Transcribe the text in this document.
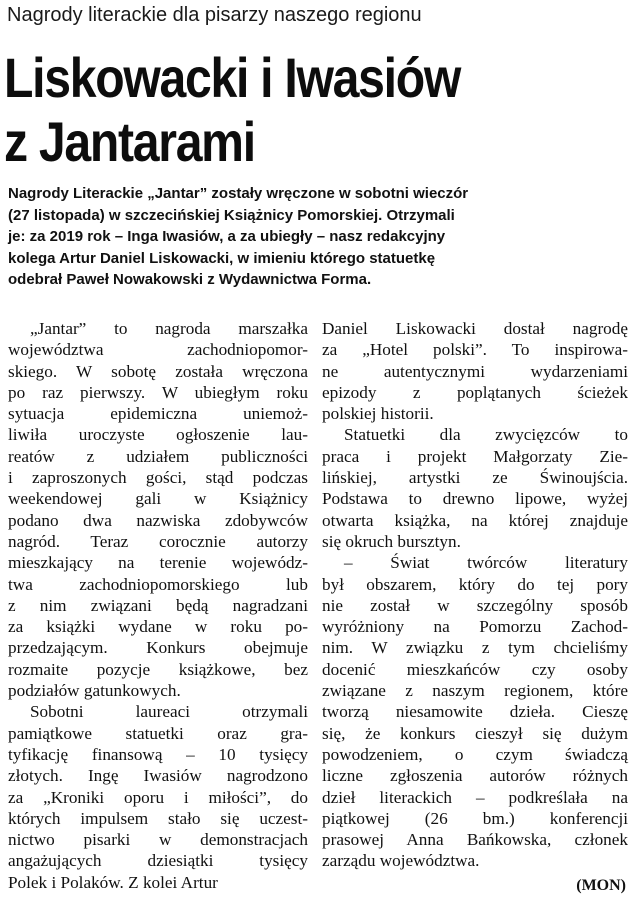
Nagrody literackie dla pisarzy naszego regionu
Liskowacki i Iwasiów
z Jantarami
Nagrody Literackie „Jantar” zostały wręczone w sobotni wieczór
(27 listopada) w szczecińskiej Książnicy Pomorskiej. Otrzymali
je: za 2019 rok – Inga Iwasiów, a za ubiegły – nasz redakcyjny
kolega Artur Daniel Liskowacki, w imieniu którego statuetkę
odebrał Paweł Nowakowski z Wydawnictwa Forma.
„Jantar” to nagroda marszałka
województwa zachodniopomor-
skiego. W sobotę została wręczona
po raz pierwszy. W ubiegłym roku
sytuacja epidemiczna uniemoż-
liwiła uroczyste ogłoszenie lau-
reatów z udziałem publiczności
i zaproszonych gości, stąd podczas
weekendowej gali w Książnicy
podano dwa nazwiska zdobywców
nagród. Teraz corocznie autorzy
mieszkający na terenie wojewódz-
twa zachodniopomorskiego lub
z nim związani będą nagradzani
za książki wydane w roku po-
przedzającym. Konkurs obejmuje
rozmaite pozycje książkowe, bez
podziałów gatunkowych.
Sobotni laureaci otrzymali
pamiątkowe statuetki oraz gra-
tyfikację finansową – 10 tysięcy
złotych. Ingę Iwasiów nagrodzono
za „Kroniki oporu i miłości”, do
których impulsem stało się uczest-
nictwo pisarki w demonstracjach
angażujących dziesiątki tysięcy
Polek i Polaków. Z kolei Artur
Daniel Liskowacki dostał nagrodę
za „Hotel polski”. To inspirowa-
ne autentycznymi wydarzeniami
epizody z poplątanych ścieżek
polskiej historii.
Statuetki dla zwycięzców to
praca i projekt Małgorzaty Zie-
lińskiej, artystki ze Świnoujścia.
Podstawa to drewno lipowe, wyżej
otwarta książka, na której znajduje
się okruch bursztyn.
– Świat twórców literatury
był obszarem, który do tej pory
nie został w szczególny sposób
wyróżniony na Pomorzu Zachod-
nim. W związku z tym chcieliśmy
docenić mieszkańców czy osoby
związane z naszym regionem, które
tworzą niesamowite dzieła. Cieszę
się, że konkurs cieszył się dużym
powodzeniem, o czym świadczą
liczne zgłoszenia autorów różnych
dzieł literackich – podkreślała na
piątkowej (26 bm.) konferencji
prasowej Anna Bańkowska, członek
zarządu województwa.
(MON)
